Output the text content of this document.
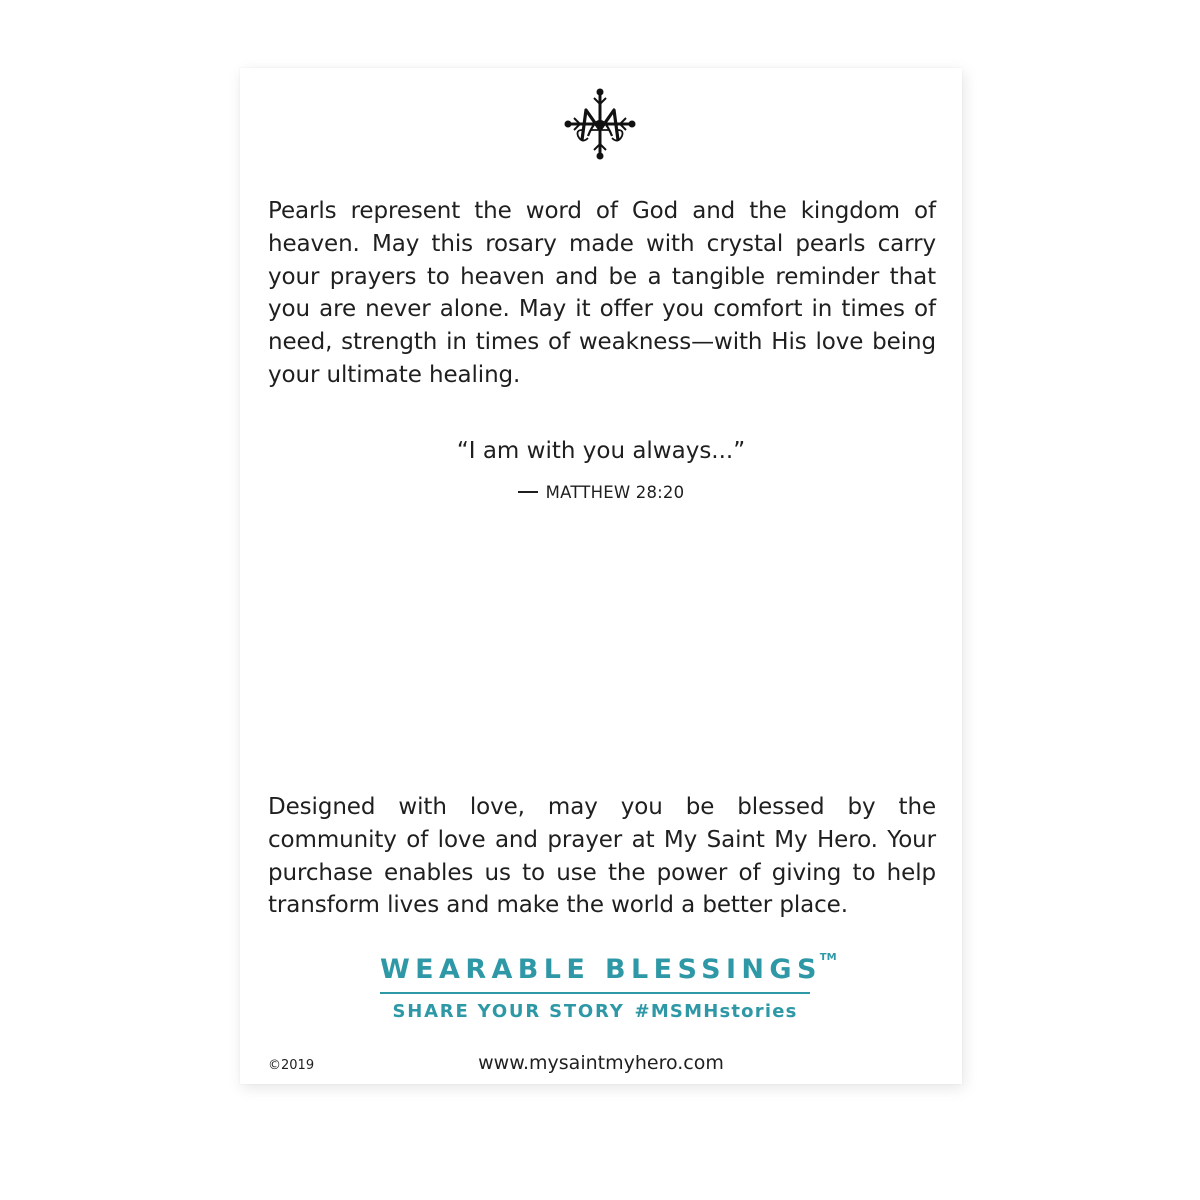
Pearls represent the word of God and the kingdom of heaven. May this rosary made with crystal pearls carry your prayers to heaven and be a tangible reminder that you are never alone. May it offer you comfort in times of need, strength in times of weakness—with His love being your ultimate healing.

“I am with you always...”

MATTHEW 28:20

Designed with love, may you be blessed by the community of love and prayer at My Saint My Hero. Your purchase enables us to use the power of giving to help transform lives and make the world a better place.

WEARABLE BLESSINGS™

SHARE YOUR STORY #MSMHstories

©2019	www.mysaintmyhero.com
